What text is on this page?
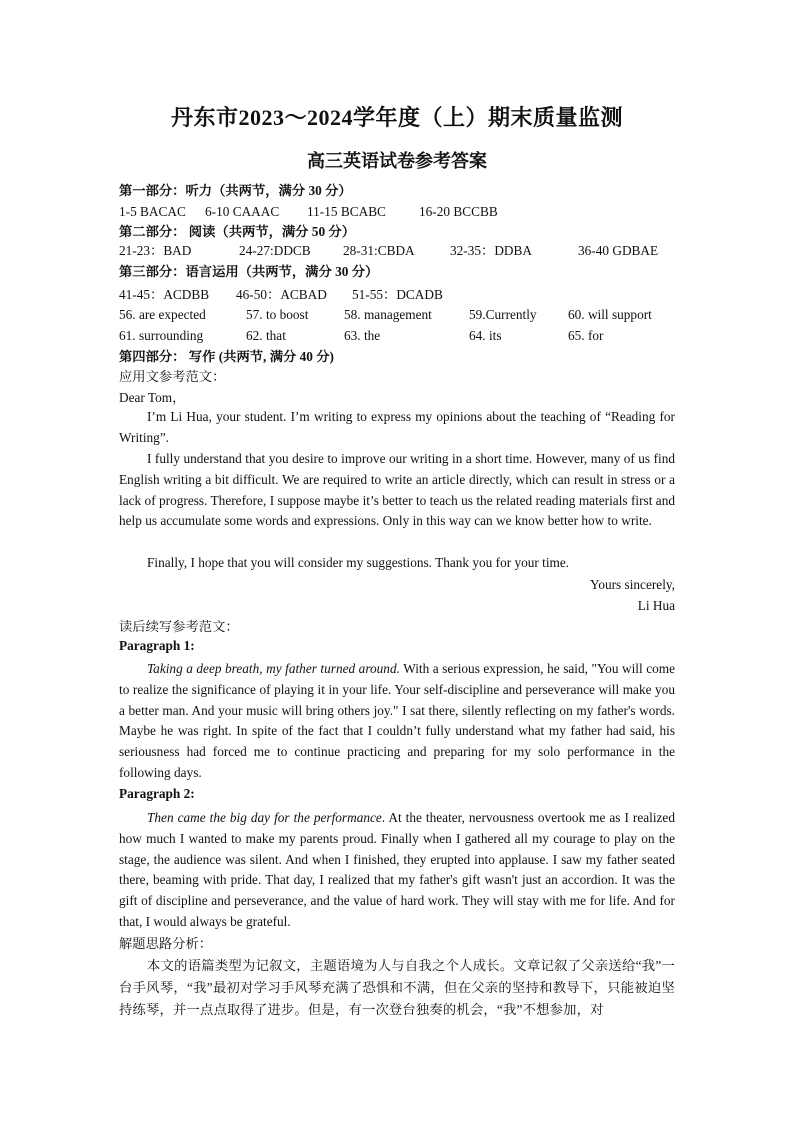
丹东市2023～2024学年度（上）期末质量监测
高三英语试卷参考答案
第一部分：听力（共两节，满分 30 分）
1-5 BACAC 6-10 CAAAC 11-15 BCABC 16-20 BCCBB
第二部分： 阅读（共两节，满分 50 分）
21-23：BAD	24-27:DDCB 28-31:CBDA	32-35：DDBA	36-40 GDBAE
第三部分：语言运用（共两节，满分 30 分）
41-45：ACDBB 46-50：ACBAD 51-55：DCADB
56. are expected	57. to boost	58. management	59.Currently 60. will support
61. surrounding	62. that	63. the	64. its	65. for
第四部分： 写作 (共两节, 满分 40 分)
应用文参考范文：
Dear Tom，
I’m Li Hua, your student. I’m writing to express my opinions about the teaching of “Reading for Writing”.
I fully understand that you desire to improve our writing in a short time. However, many of us find English writing a bit difficult. We are required to write an article directly, which can result in stress or a lack of progress. Therefore, I suppose maybe it’s better to teach us the related reading materials first and help us accumulate some words and expressions. Only in this way can we know better how to write.
Finally, I hope that you will consider my suggestions. Thank you for your time.
Yours sincerely,
Li Hua
读后续写参考范文：
Paragraph 1:
Taking a deep breath, my father turned around. With a serious expression, he said, "You will come to realize the significance of playing it in your life. Your self-discipline and perseverance will make you a better man. And your music will bring others joy." I sat there, silently reflecting on my father's words. Maybe he was right. In spite of the fact that I couldn’t fully understand what my father had said, his seriousness had forced me to continue practicing and preparing for my solo performance in the following days.
Paragraph 2:
Then came the big day for the performance. At the theater, nervousness overtook me as I realized how much I wanted to make my parents proud. Finally when I gathered all my courage to play on the stage, the audience was silent. And when I finished, they erupted into applause. I saw my father seated there, beaming with pride. That day, I realized that my father's gift wasn't just an accordion. It was the gift of discipline and perseverance, and the value of hard work. They will stay with me for life. And for that, I would always be grateful.
解题思路分析：
本文的语篇类型为记叙文，主题语境为人与自我之个人成长。文章记叙了父亲送给“我”一台手风琴，“我”最初对学习手风琴充满了恐惧和不满，但在父亲的坚持和教导下，只能被迫坚持练琴，并一点点取得了进步。但是，有一次登台独奏的机会，“我”不想参加，对
